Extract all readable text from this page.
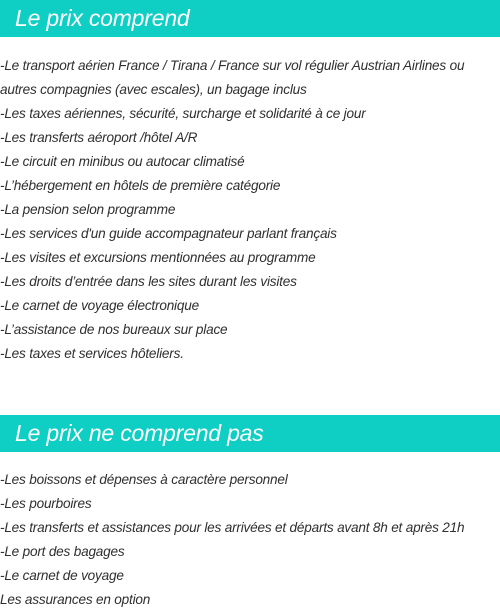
Le prix comprend
-Le transport aérien France / Tirana / France sur vol régulier Austrian Airlines ou autres compagnies (avec escales), un bagage inclus
-Les taxes aériennes, sécurité, surcharge et solidarité à ce jour
-Les transferts aéroport /hôtel A/R
-Le circuit en minibus ou autocar climatisé
-L’hébergement en hôtels de première catégorie
-La pension selon programme
-Les services d'un guide accompagnateur parlant français
-Les visites et excursions mentionnées au programme
-Les droits d’entrée dans les sites durant les visites
-Le carnet de voyage électronique
-L’assistance de nos bureaux sur place
-Les taxes et services hôteliers.
Le prix ne comprend pas
-Les boissons et dépenses à caractère personnel
-Les pourboires
-Les transferts et assistances pour les arrivées et départs avant 8h et après 21h
-Le port des bagages
-Le carnet de voyage
Les assurances en option
